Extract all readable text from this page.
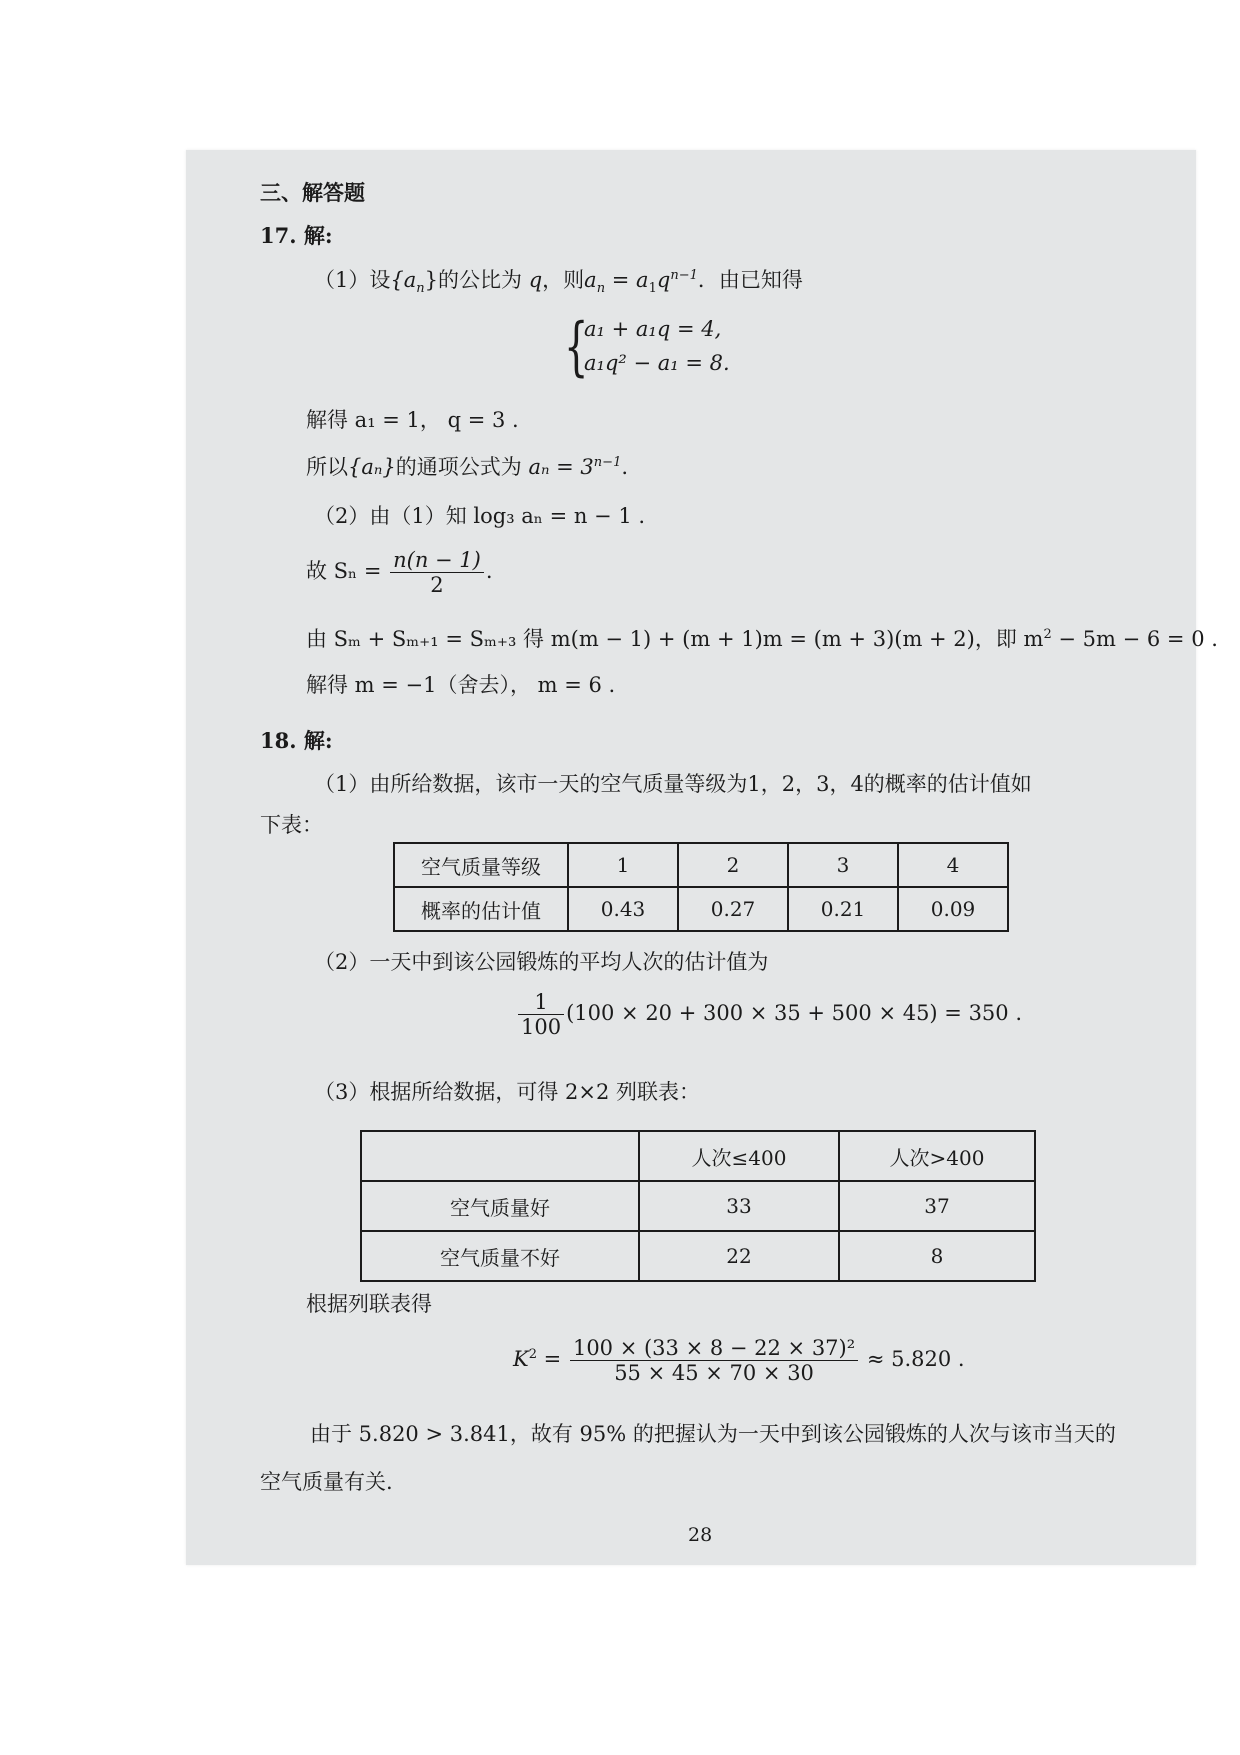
三、解答题
17. 解:
（1）设$\{a_n\}$的公比为 q，则$a_n = a_1q^{n-1}$．由已知得
{
a₁ + a₁q = 4,
a₁q² − a₁ = 8.
解得 a₁ = 1， q = 3 .
所以{aₙ}的通项公式为 $a_n = 3^{n-1}$.
（2）由（1）知 log₃ aₙ = n − 1 .
故 $S_n = \frac{n(n - 1)}{2}$ .
由 Sₘ + Sₘ₊₁ = Sₘ₊₃ 得 m(m − 1) + (m + 1)m = (m + 3)(m + 2)，即 $m^2 - 5m - 6 = 0$ .
解得 m = −1（舍去）， m = 6 .
18. 解:
（1）由所给数据，该市一天的空气质量等级为1，2，3，4的概率的估计值如
下表：
空气质量等级	1	2	3	4
概率的估计值	0.43	0.27	0.21	0.09
（2）一天中到该公园锻炼的平均人次的估计值为
$\frac{1}{100} (100 \times 20 + 300 \times 35 + 500 \times 45) = 350$ .
（3）根据所给数据，可得 2×2 列联表：
	人次≤400	人次>400
空气质量好	33	37
空气质量不好	22	8
根据列联表得
$K^2 = \frac{\text{100 × (33 × 8 − 22 × 37)²}}{55 \times 45 \times 70 \times 30} \approx 5.820$ .
由于 5.820 > 3.841，故有 95% 的把握认为一天中到该公园锻炼的人次与该市当天的
空气质量有关.
28
